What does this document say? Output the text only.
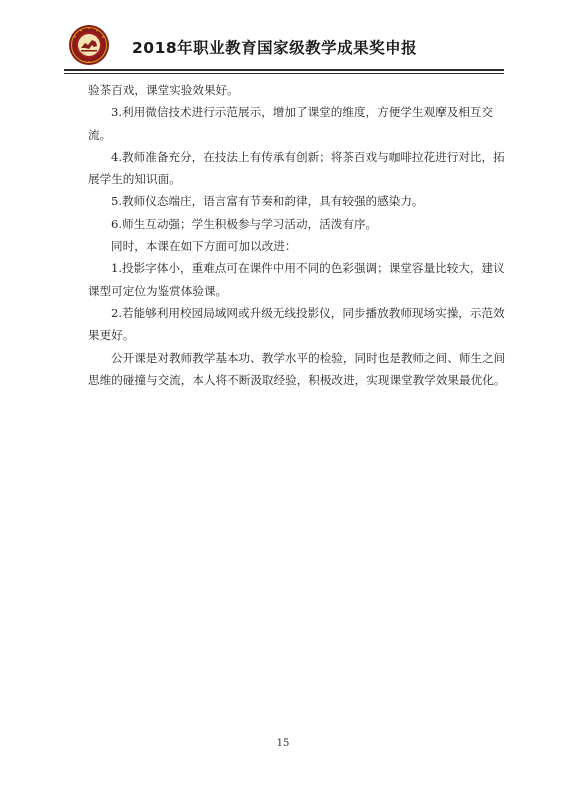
2018年职业教育国家级教学成果奖申报

验茶百戏，课堂实验效果好。

3.利用微信技术进行示范展示，增加了课堂的维度，方便学生观摩及相互交流。

4.教师准备充分，在技法上有传承有创新；将茶百戏与咖啡拉花进行对比，拓展学生的知识面。

5.教师仪态端庄，语言富有节奏和韵律，具有较强的感染力。

6.师生互动强；学生积极参与学习活动，活泼有序。

同时，本课在如下方面可加以改进：

1.投影字体小，重难点可在课件中用不同的色彩强调；课堂容量比较大，建议课型可定位为鉴赏体验课。

2.若能够利用校园局域网或升级无线投影仪，同步播放教师现场实操，示范效果更好。

公开课是对教师教学基本功、教学水平的检验，同时也是教师之间、师生之间思维的碰撞与交流，本人将不断汲取经验，积极改进，实现课堂教学效果最优化。

15
